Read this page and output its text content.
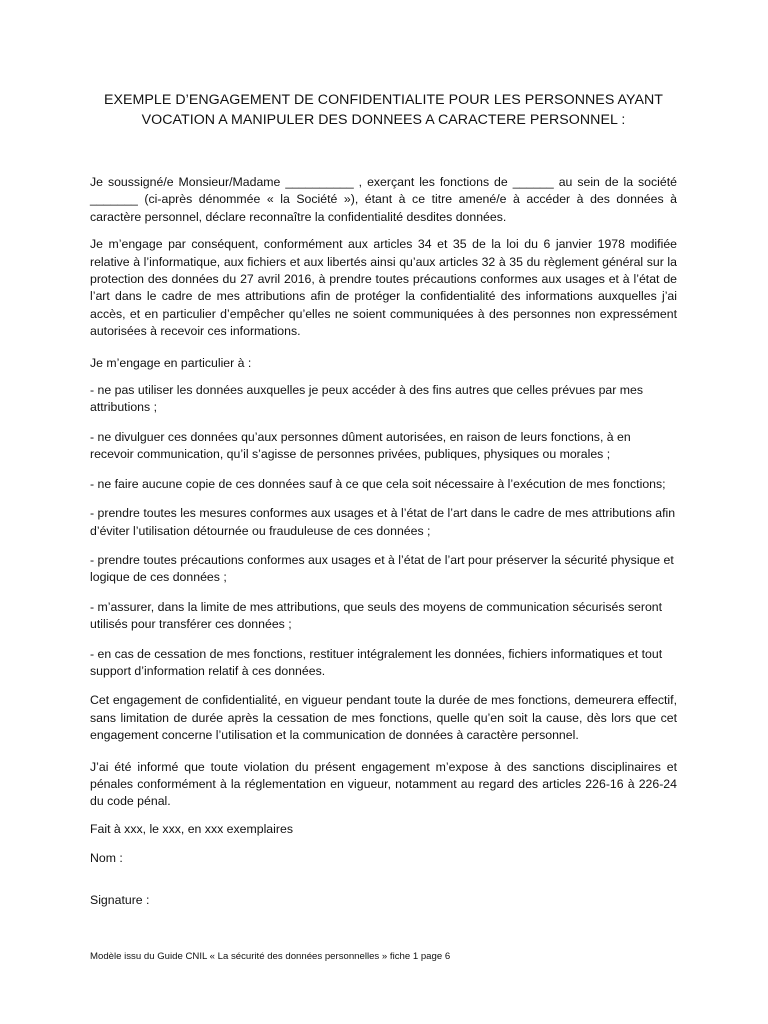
EXEMPLE D’ENGAGEMENT DE CONFIDENTIALITE POUR LES PERSONNES AYANT
VOCATION A MANIPULER DES DONNEES A CARACTERE PERSONNEL :

Je soussigné/e Monsieur/Madame __________ , exerçant les fonctions de ______ au sein de la société _______ (ci-après dénommée « la Société »), étant à ce titre amené/e à accéder à des données à caractère personnel, déclare reconnaître la confidentialité desdites données.

Je m’engage par conséquent, conformément aux articles 34 et 35 de la loi du 6 janvier 1978 modifiée relative à l’informatique, aux fichiers et aux libertés ainsi qu’aux articles 32 à 35 du règlement général sur la protection des données du 27 avril 2016, à prendre toutes précautions conformes aux usages et à l’état de l’art dans le cadre de mes attributions afin de protéger la confidentialité des informations auxquelles j’ai accès, et en particulier d’empêcher qu’elles ne soient communiquées à des personnes non expressément autorisées à recevoir ces informations.

Je m’engage en particulier à :

- ne pas utiliser les données auxquelles je peux accéder à des fins autres que celles prévues par mes attributions ;

- ne divulguer ces données qu’aux personnes dûment autorisées, en raison de leurs fonctions, à en recevoir communication, qu’il s’agisse de personnes privées, publiques, physiques ou morales ;

- ne faire aucune copie de ces données sauf à ce que cela soit nécessaire à l’exécution de mes fonctions;

- prendre toutes les mesures conformes aux usages et à l’état de l’art dans le cadre de mes attributions afin d’éviter l’utilisation détournée ou frauduleuse de ces données ;

- prendre toutes précautions conformes aux usages et à l’état de l’art pour préserver la sécurité physique et logique de ces données ;

- m’assurer, dans la limite de mes attributions, que seuls des moyens de communication sécurisés seront utilisés pour transférer ces données ;

- en cas de cessation de mes fonctions, restituer intégralement les données, fichiers informatiques et tout support d’information relatif à ces données.

Cet engagement de confidentialité, en vigueur pendant toute la durée de mes fonctions, demeurera effectif, sans limitation de durée après la cessation de mes fonctions, quelle qu’en soit la cause, dès lors que cet engagement concerne l’utilisation et la communication de données à caractère personnel.

J’ai été informé que toute violation du présent engagement m’expose à des sanctions disciplinaires et pénales conformément à la réglementation en vigueur, notamment au regard des articles 226-16 à 226-24 du code pénal.

Fait à xxx, le xxx, en xxx exemplaires

Nom :

Signature :

Modèle issu du Guide CNIL « La sécurité des données personnelles » fiche 1 page 6
